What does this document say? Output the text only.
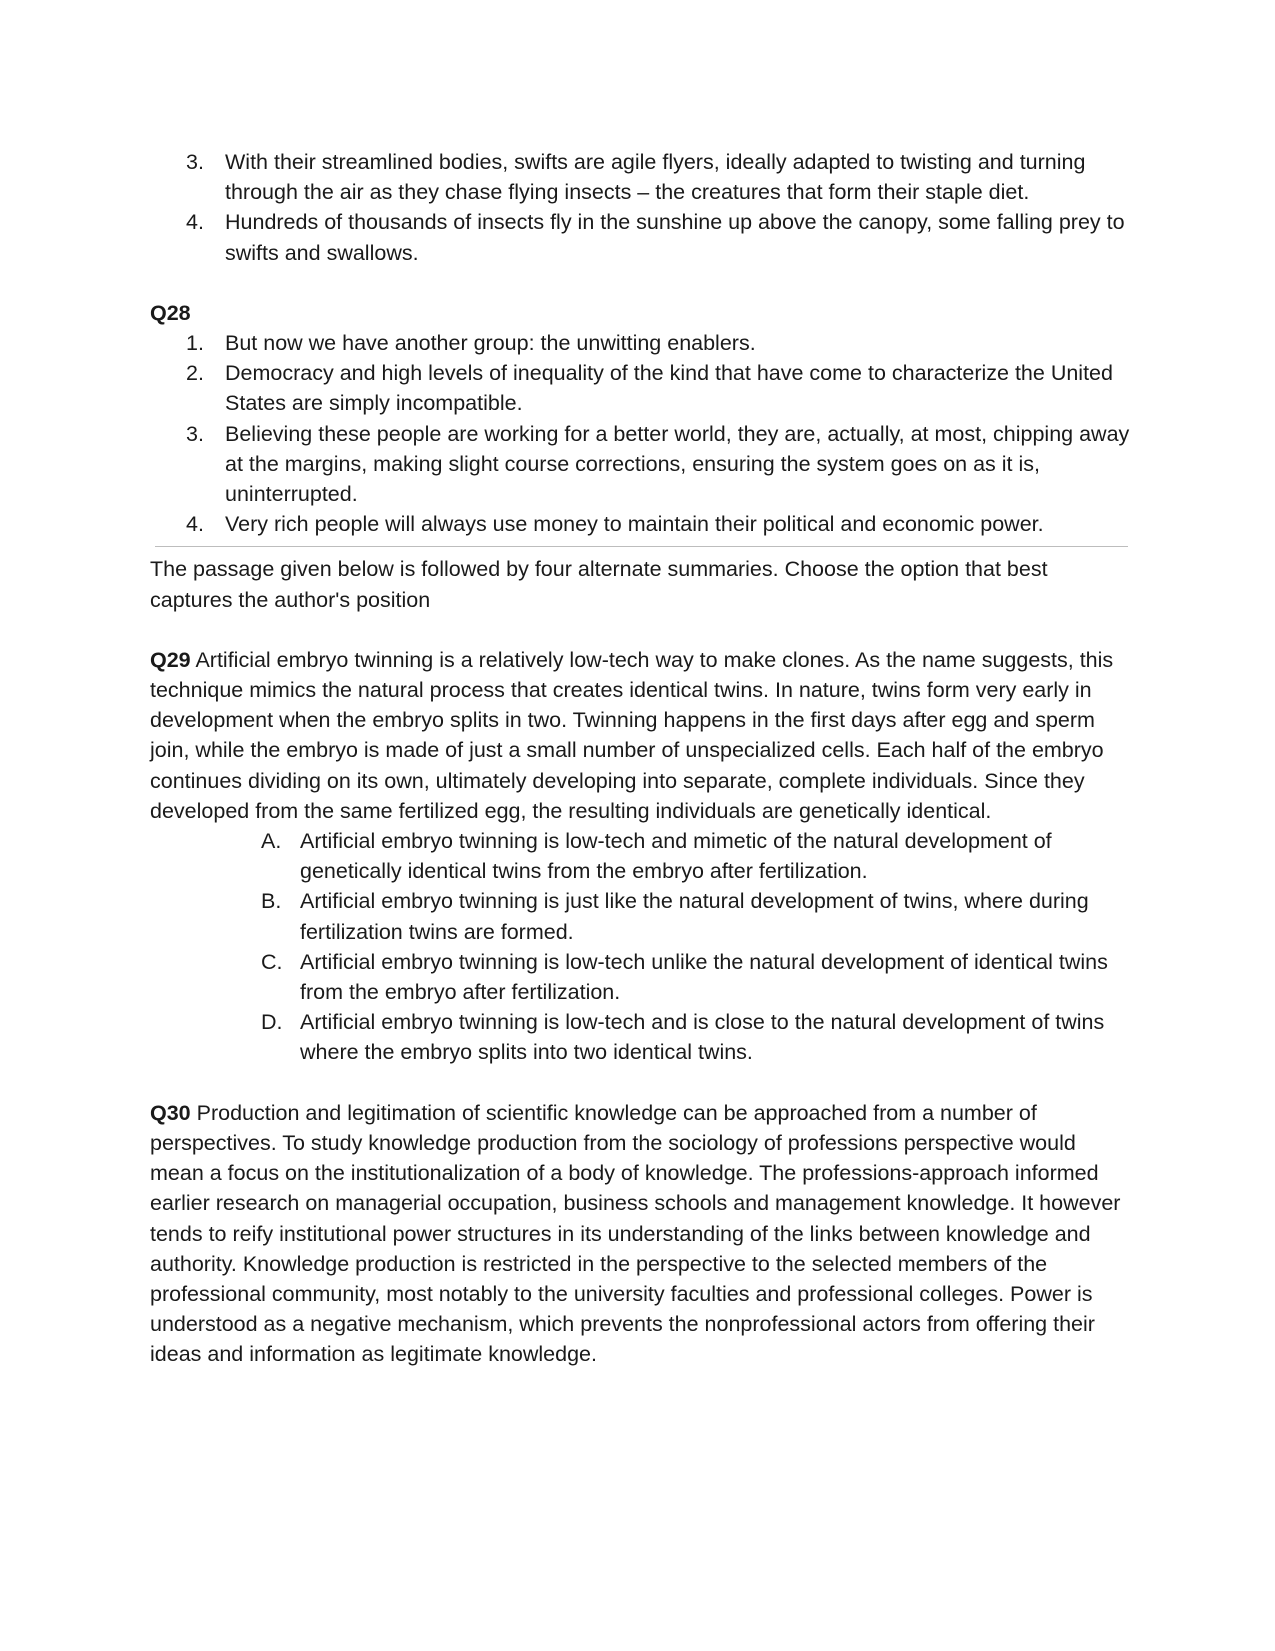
3. With their streamlined bodies, swifts are agile flyers, ideally adapted to twisting and turning through the air as they chase flying insects – the creatures that form their staple diet.
4. Hundreds of thousands of insects fly in the sunshine up above the canopy, some falling prey to swifts and swallows.

Q28

1. But now we have another group: the unwitting enablers.
2. Democracy and high levels of inequality of the kind that have come to characterize the United States are simply incompatible.
3. Believing these people are working for a better world, they are, actually, at most, chipping away at the margins, making slight course corrections, ensuring the system goes on as it is, uninterrupted.
4. Very rich people will always use money to maintain their political and economic power.

The passage given below is followed by four alternate summaries. Choose the option that best captures the author's position

Q29 Artificial embryo twinning is a relatively low-tech way to make clones. As the name suggests, this technique mimics the natural process that creates identical twins. In nature, twins form very early in development when the embryo splits in two. Twinning happens in the first days after egg and sperm join, while the embryo is made of just a small number of unspecialized cells. Each half of the embryo continues dividing on its own, ultimately developing into separate, complete individuals. Since they developed from the same fertilized egg, the resulting individuals are genetically identical.

A. Artificial embryo twinning is low-tech and mimetic of the natural development of genetically identical twins from the embryo after fertilization.
B. Artificial embryo twinning is just like the natural development of twins, where during fertilization twins are formed.
C. Artificial embryo twinning is low-tech unlike the natural development of identical twins from the embryo after fertilization.
D. Artificial embryo twinning is low-tech and is close to the natural development of twins where the embryo splits into two identical twins.

Q30 Production and legitimation of scientific knowledge can be approached from a number of perspectives. To study knowledge production from the sociology of professions perspective would mean a focus on the institutionalization of a body of knowledge. The professions-approach informed earlier research on managerial occupation, business schools and management knowledge. It however tends to reify institutional power structures in its understanding of the links between knowledge and authority. Knowledge production is restricted in the perspective to the selected members of the professional community, most notably to the university faculties and professional colleges. Power is understood as a negative mechanism, which prevents the nonprofessional actors from offering their ideas and information as legitimate knowledge.
